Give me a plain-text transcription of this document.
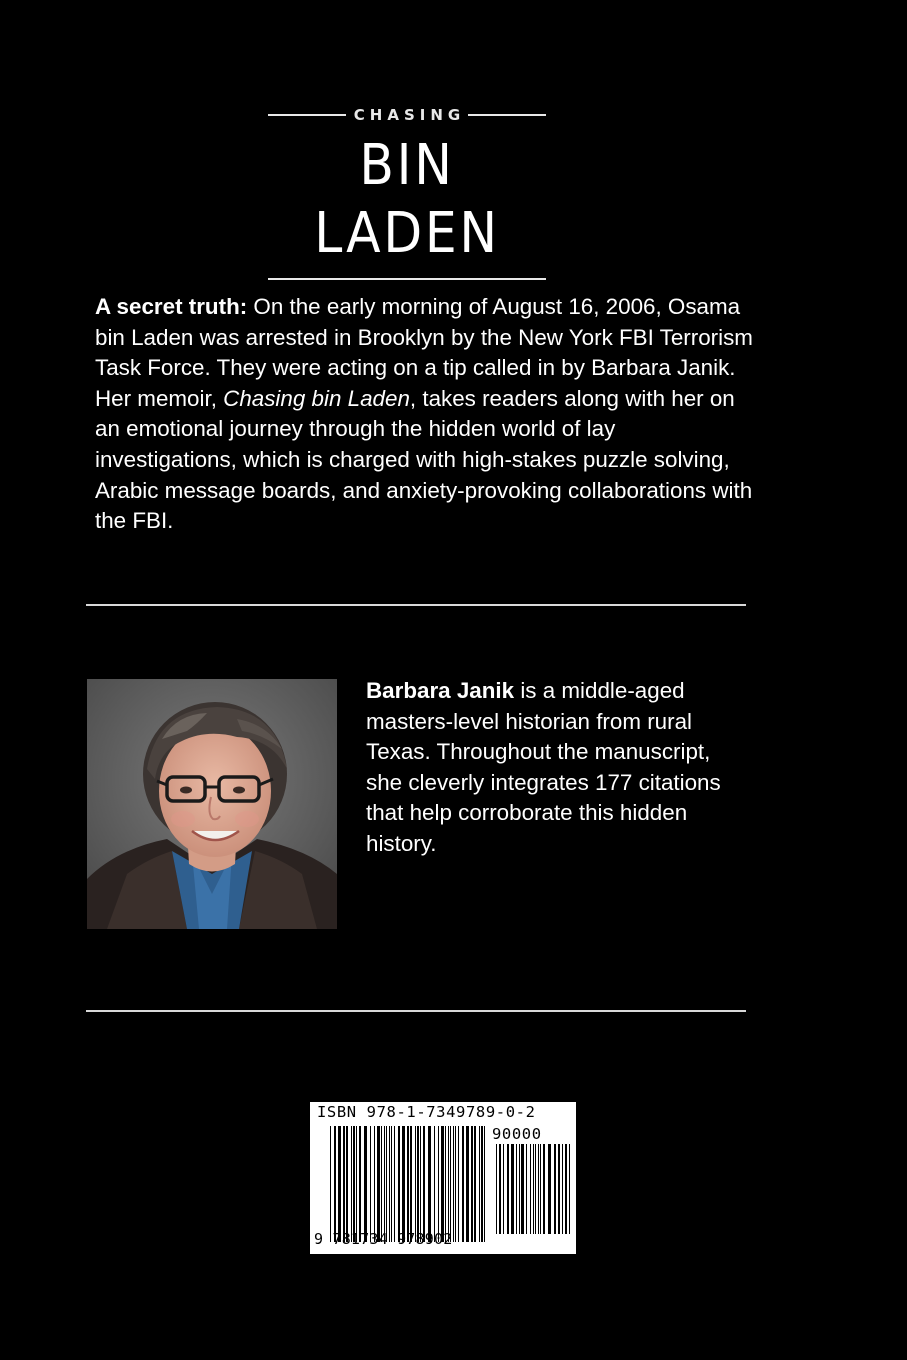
CHASING
BIN LADEN

A secret truth: On the early morning of August 16, 2006, Osama bin Laden was arrested in Brooklyn by the New York FBI Terrorism Task Force. They were acting on a tip called in by Barbara Janik. Her memoir, Chasing bin Laden, takes readers along with her on an emotional journey through the hidden world of lay investigations, which is charged with high-stakes puzzle solving, Arabic message boards, and anxiety-provoking collaborations with the FBI.

Barbara Janik is a middle-aged masters-level historian from rural Texas. Throughout the manuscript, she cleverly integrates 177 citations that help corroborate this hidden history.

ISBN 978-1-7349789-0-2
90000
9 781734 978902
